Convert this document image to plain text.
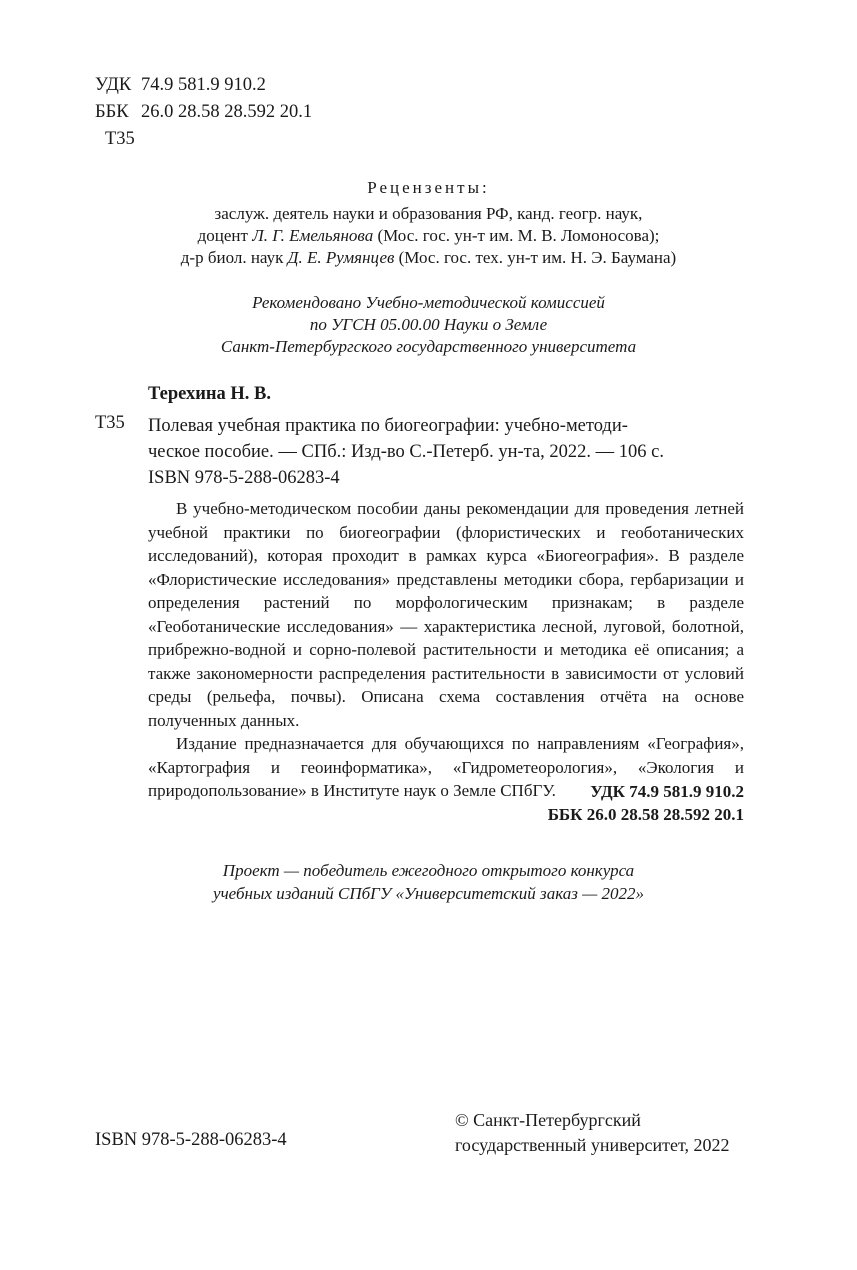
УДК 74.9 581.9 910.2
ББК 26.0 28.58 28.592 20.1
Т35
Рецензенты:
заслуж. деятель науки и образования РФ, канд. геогр. наук,
доцент Л. Г. Емельянова (Мос. гос. ун-т им. М. В. Ломоносова);
д-р биол. наук Д. Е. Румянцев (Мос. гос. тех. ун-т им. Н. Э. Баумана)
Рекомендовано Учебно-методической комиссией
по УГСН 05.00.00 Науки о Земле
Санкт-Петербургского государственного университета
Терехина Н. В.
Т35 Полевая учебная практика по биогеографии: учебно-методи-
ческое пособие. — СПб.: Изд-во С.-Петерб. ун-та, 2022. — 106 с.
ISBN 978-5-288-06283-4

В учебно-методическом пособии даны рекомендации для проведения летней учебной практики по биогеографии (флористических и геоботанических исследований), которая проходит в рамках курса «Биогеография». В разделе «Флористические исследования» представлены методики сбора, гербаризации и определения растений по морфологическим признакам; в разделе «Геоботанические исследования» — характеристика лесной, луговой, болотной, прибрежно-водной и сорно-полевой растительности и методика её описания; а также закономерности распределения растительности в зависимости от условий среды (рельефа, почвы). Описана схема составления отчёта на основе полученных данных.

Издание предназначается для обучающихся по направлениям «География», «Картография и геоинформатика», «Гидрометеорология», «Экология и природопользование» в Институте наук о Земле СПбГУ.	УДК 74.9 581.9 910.2
ББК 26.0 28.58 28.592 20.1
Проект — победитель ежегодного открытого конкурса
учебных изданий СПбГУ «Университетский заказ — 2022»
ISBN 978-5-288-06283-4
© Санкт-Петербургский
государственный университет, 2022
